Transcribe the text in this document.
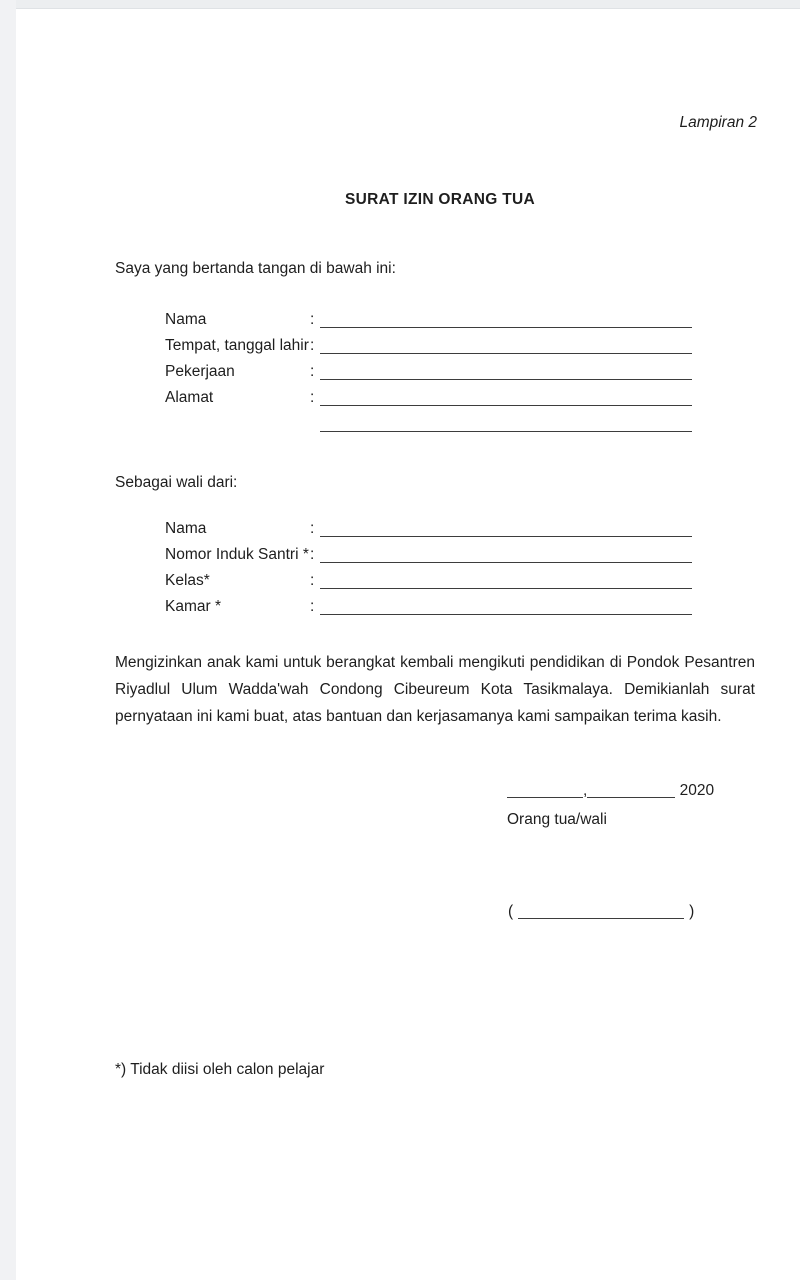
Lampiran 2
SURAT IZIN ORANG TUA
Saya yang bertanda tangan di bawah ini:
Nama	:
Tempat, tanggal lahir :
Pekerjaan	:
Alamat	:
Sebagai wali dari:
Nama	:
Nomor Induk Santri * :
Kelas*	:
Kamar *	:
Mengizinkan anak kami untuk berangkat kembali mengikuti pendidikan di Pondok Pesantren
Riyadlul Ulum Wadda'wah Condong Cibeureum Kota Tasikmalaya. Demikianlah surat
pernyataan ini kami buat, atas bantuan dan kerjasamanya kami sampaikan terima kasih.
,	2020
Orang tua/wali
(	)
*) Tidak diisi oleh calon pelajar
